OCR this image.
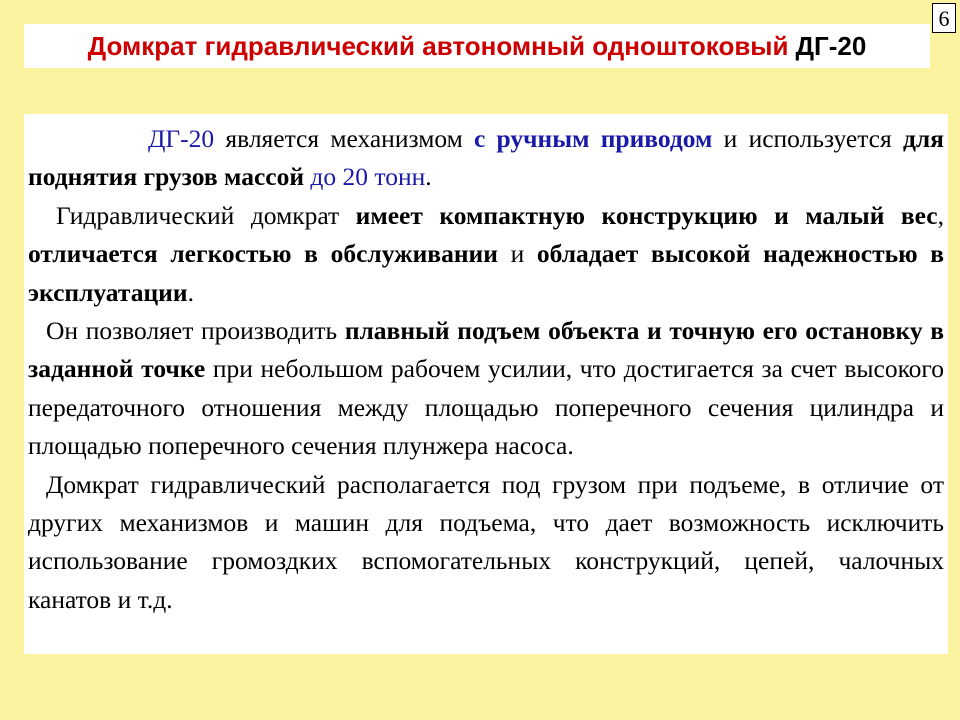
6
Домкрат гидравлический автономный одноштоковый ДГ-20

ДГ-20 является механизмом с ручным приводом и используется для поднятия грузов массой до 20 тонн.

Гидравлический домкрат имеет компактную конструкцию и малый вес, отличается легкостью в обслуживании и обладает высокой надежностью в эксплуатации.

Он позволяет производить плавный подъем объекта и точную его остановку в заданной точке при небольшом рабочем усилии, что достигается за счет высокого передаточного отношения между площадью поперечного сечения цилиндра и площадью поперечного сечения плунжера насоса.

Домкрат гидравлический располагается под грузом при подъеме, в отличие от других механизмов и машин для подъема, что дает возможность исключить использование громоздких вспомогательных конструкций, цепей, чалочных канатов и т.д.
